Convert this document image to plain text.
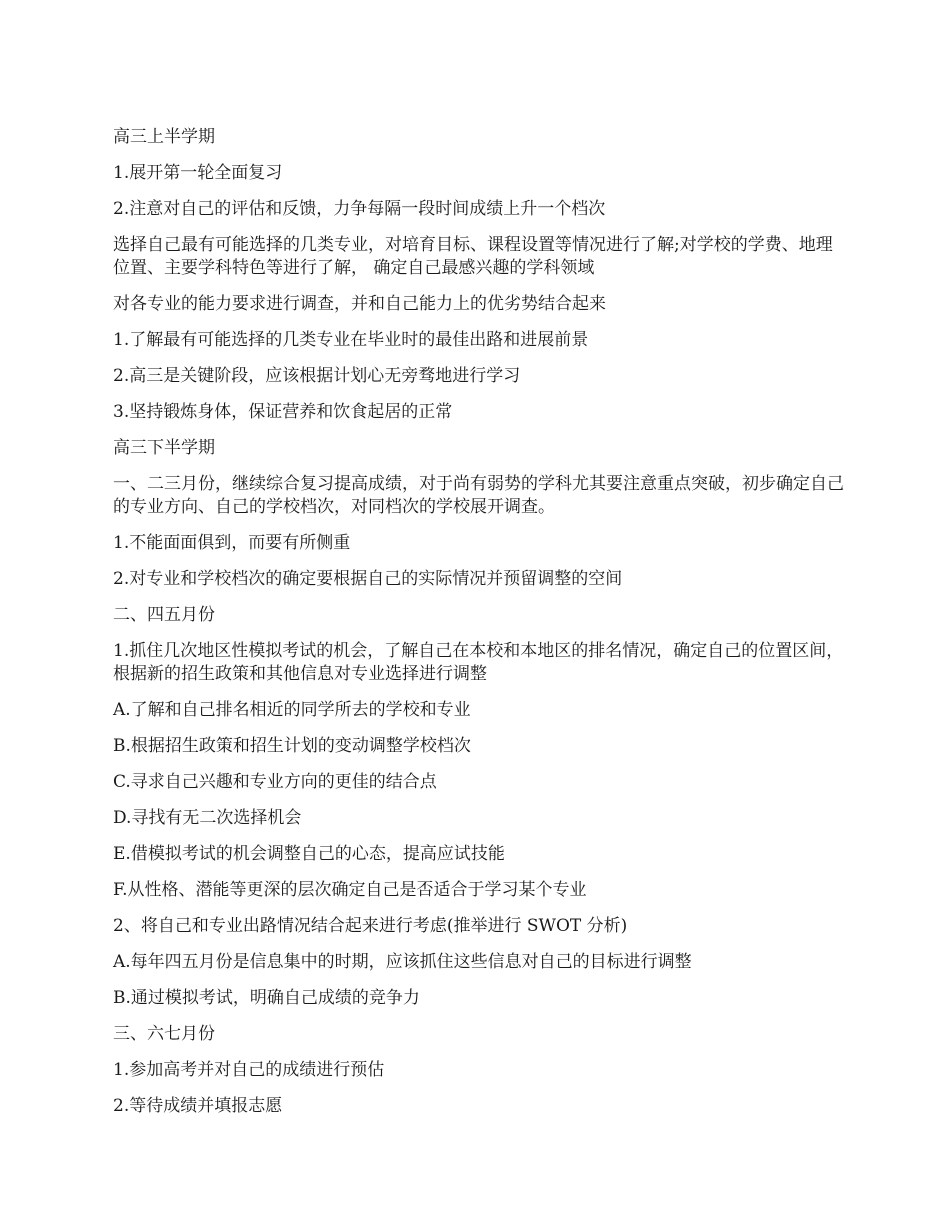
高三上半学期

1.展开第一轮全面复习

2.注意对自己的评估和反馈，力争每隔一段时间成绩上升一个档次

选择自己最有可能选择的几类专业，对培育目标、课程设置等情况进行了解;对学校的学费、地理位置、主要学科特色等进行了解， 确定自己最感兴趣的学科领域

对各专业的能力要求进行调查，并和自己能力上的优劣势结合起来

1.了解最有可能选择的几类专业在毕业时的最佳出路和进展前景

2.高三是关键阶段，应该根据计划心无旁骛地进行学习

3.坚持锻炼身体，保证营养和饮食起居的正常

高三下半学期

一、二三月份，继续综合复习提高成绩，对于尚有弱势的学科尤其要注意重点突破，初步确定自己的专业方向、自己的学校档次，对同档次的学校展开调查。

1.不能面面俱到，而要有所侧重

2.对专业和学校档次的确定要根据自己的实际情况并预留调整的空间

二、四五月份

1.抓住几次地区性模拟考试的机会，了解自己在本校和本地区的排名情况，确定自己的位置区间，根据新的招生政策和其他信息对专业选择进行调整

A.了解和自己排名相近的同学所去的学校和专业

B.根据招生政策和招生计划的变动调整学校档次

C.寻求自己兴趣和专业方向的更佳的结合点

D.寻找有无二次选择机会

E.借模拟考试的机会调整自己的心态，提高应试技能

F.从性格、潜能等更深的层次确定自己是否适合于学习某个专业

2、将自己和专业出路情况结合起来进行考虑(推举进行 SWOT 分析)

A.每年四五月份是信息集中的时期，应该抓住这些信息对自己的目标进行调整

B.通过模拟考试，明确自己成绩的竞争力

三、六七月份

1.参加高考并对自己的成绩进行预估

2.等待成绩并填报志愿
